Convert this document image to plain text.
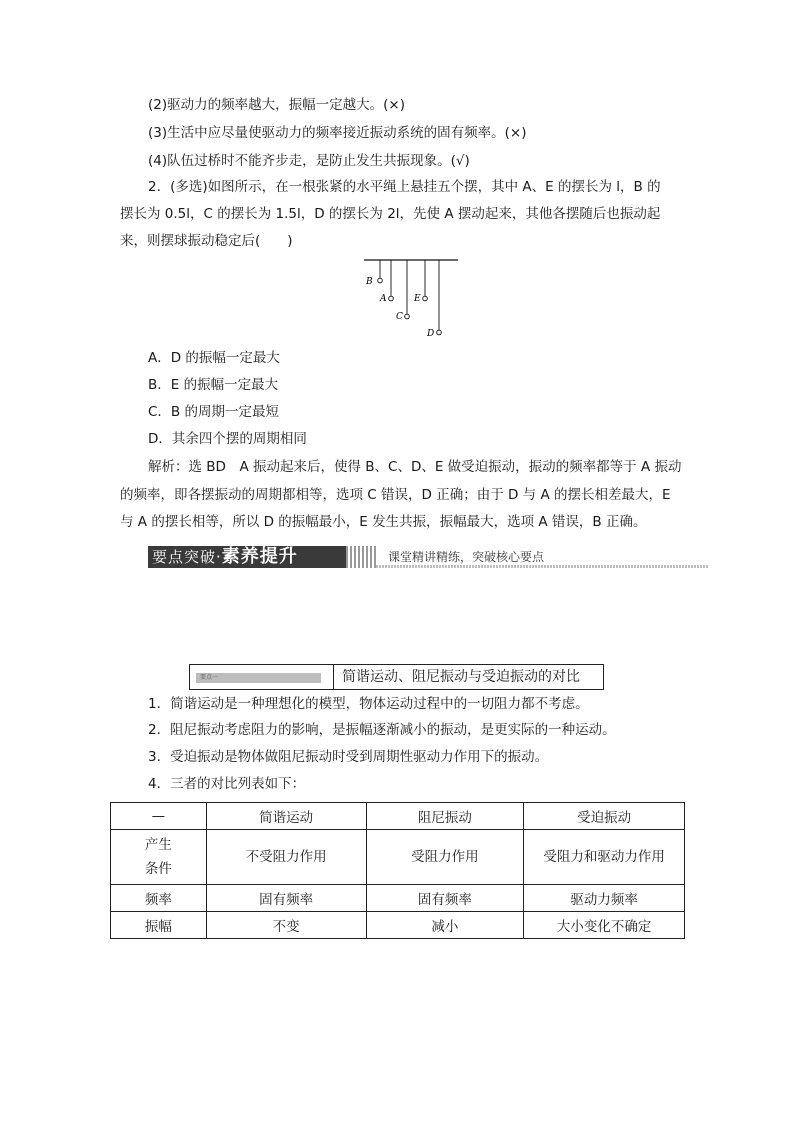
(2)驱动力的频率越大，振幅一定越大。(×)
(3)生活中应尽量使驱动力的频率接近振动系统的固有频率。(×)
(4)队伍过桥时不能齐步走，是防止发生共振现象。(√)
2．(多选)如图所示，在一根张紧的水平绳上悬挂五个摆，其中 A、E 的摆长为 l，B 的
摆长为 0.5l，C 的摆长为 1.5l，D 的摆长为 2l，先使 A 摆动起来，其他各摆随后也振动起
来，则摆球振动稳定后(　　)
B
A
C
E
D
A．D 的振幅一定最大
B．E 的振幅一定最大
C．B 的周期一定最短
D．其余四个摆的周期相同
解析：选 BD　A 振动起来后，使得 B、C、D、E 做受迫振动，振动的频率都等于 A 振动
的频率，即各摆振动的周期都相等，选项 C 错误，D 正确；由于 D 与 A 的摆长相差最大，E
与 A 的摆长相等，所以 D 的振幅最小，E 发生共振，振幅最大，选项 A 错误，B 正确。
要点突破·素养提升	课堂精讲精练，突破核心要点
要点一	简谐运动、阻尼振动与受迫振动的对比
1．简谐运动是一种理想化的模型，物体运动过程中的一切阻力都不考虑。
2．阻尼振动考虑阻力的影响，是振幅逐渐减小的振动，是更实际的一种运动。
3．受迫振动是物体做阻尼振动时受到周期性驱动力作用下的振动。
4．三者的对比列表如下：
—	简谐运动	阻尼振动	受迫振动
产生
条件	不受阻力作用	受阻力作用	受阻力和驱动力作用
频率	固有频率	固有频率	驱动力频率
振幅	不变	减小	大小变化不确定
